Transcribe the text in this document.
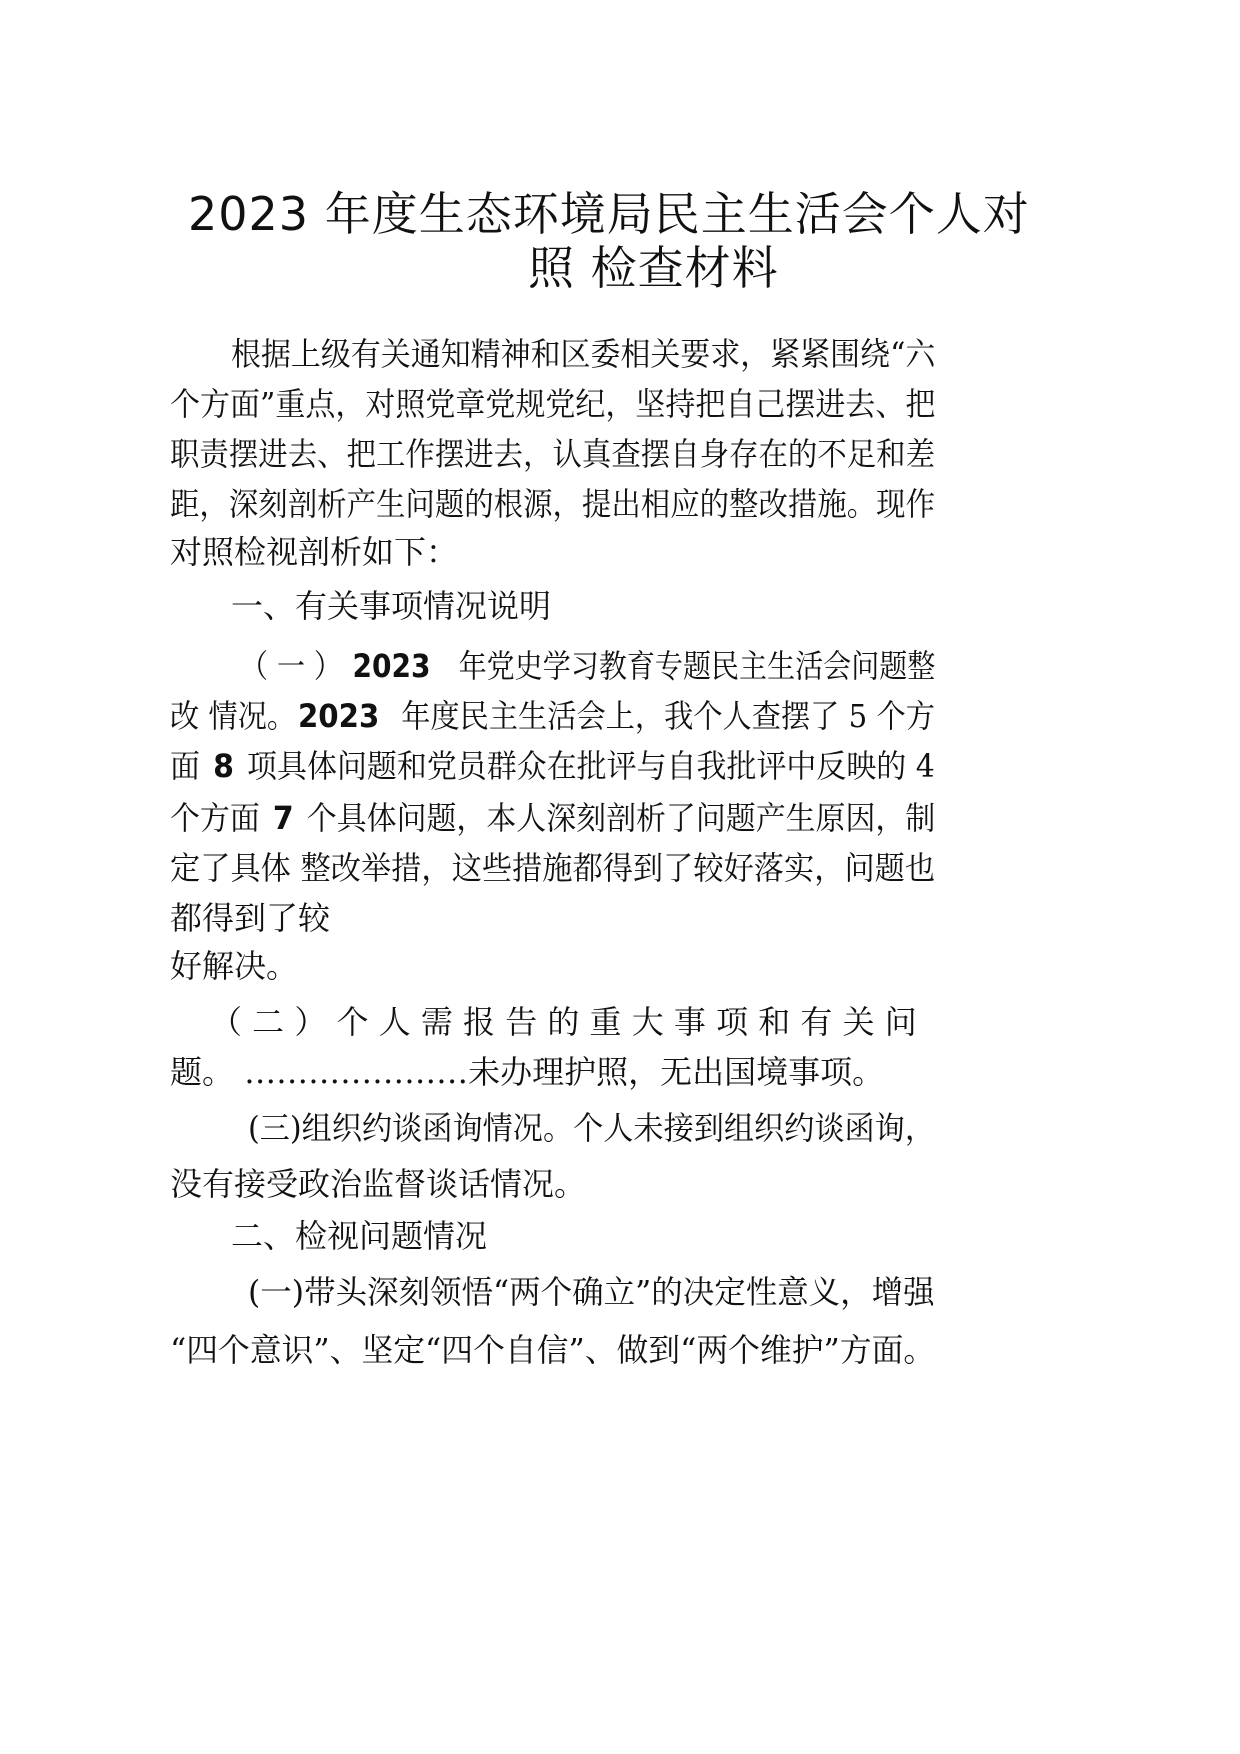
2023 年度生态环境局民主生活会个人对
照 检查材料
根据上级有关通知精神和区委相关要求，紧紧围绕“六
个方面”重点，对照党章党规党纪，坚持把自己摆进去、把
职责摆进去、把工作摆进去，认真查摆自身存在的不足和差
距，深刻剖析产生问题的根源，提出相应的整改措施。现作
对照检视剖析如下：
一、有关事项情况说明
（ 一 ） 2023 年党史学习教育专题民主生活会问题整
改 情况。2023 年度民主生活会上，我个人查摆了 5 个方
面 8 项具体问题和党员群众在批评与自我批评中反映的 4
个方面 7 个具体问题，本人深刻剖析了问题产生原因，制
定了具体 整改举措，这些措施都得到了较好落实，问题也
都得到了较
好解决。
（ 二 ） 个 人 需 报 告 的 重 大 事 项 和 有 关 问
题。 …………………未办理护照，无出国境事项。
(三)组织约谈函询情况。个人未接到组织约谈函询，
没有接受政治监督谈话情况。
二、检视问题情况
(一)带头深刻领悟“两个确立”的决定性意义，增强
“四个意识”、坚定“四个自信”、做到“两个维护”方面。
